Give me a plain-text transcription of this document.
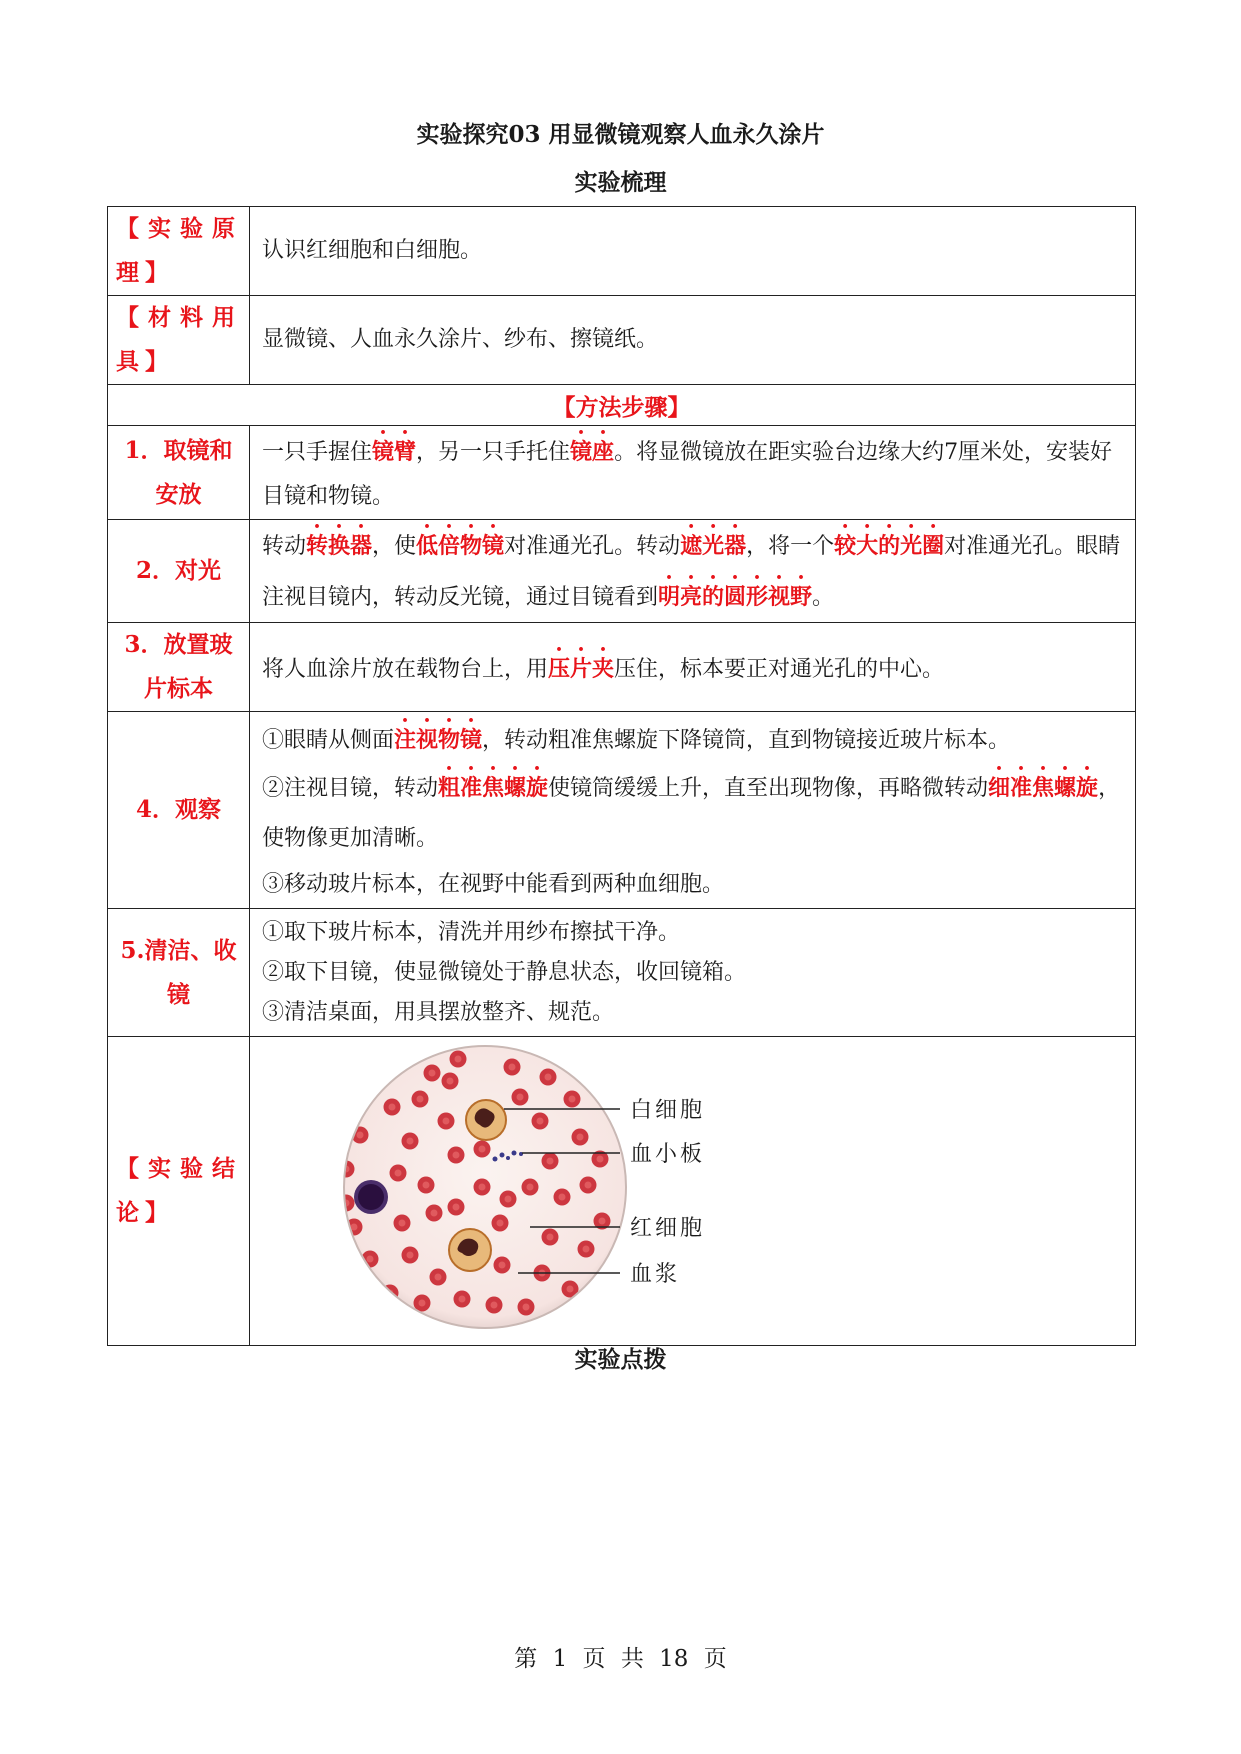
实验探究03 用显微镜观察人血永久涂片
实验梳理
【实验原理】	认识红细胞和白细胞。
【材料用具】	显微镜、人血永久涂片、纱布、擦镜纸。
【方法步骤】	
1．取镜和安放	一只手握住镜臂，另一只手托住镜座。将显微镜放在距实验台边缘大约7厘米处，安装好目镜和物镜。
2．对光	转动转换器，使低倍物镜对准通光孔。转动遮光器，将一个较大的光圈对准通光孔。眼睛注视目镜内，转动反光镜，通过目镜看到明亮的圆形视野。
3．放置玻片标本	将人血涂片放在载物台上，用压片夹压住，标本要正对通光孔的中心。
4．观察	①眼睛从侧面注视物镜，转动粗准焦螺旋下降镜筒，直到物镜接近玻片标本。

②注视目镜，转动粗准焦螺旋使镜筒缓缓上升，直至出现物像，再略微转动细准焦螺旋，使物像更加清晰。

③移动玻片标本，在视野中能看到两种血细胞。

5.清洁、收镜	①取下玻片标本，清洗并用纱布擦拭干净。

②取下目镜，使显微镜处于静息状态，收回镜箱。

③清洁桌面，用具摆放整齐、规范。

【实验结论】	白细胞
血小板
红细胞
血浆
实验点拨
第 1 页 共 18 页
